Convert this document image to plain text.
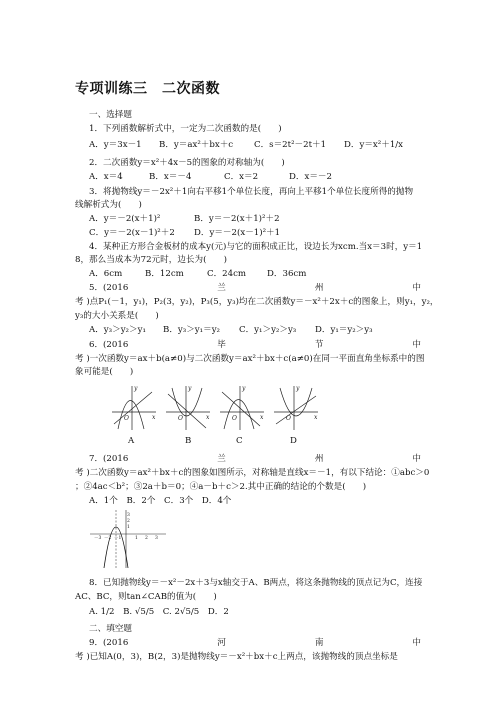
专项训练三　二次函数
一、选择题
1．下列函数解析式中，一定为二次函数的是(　　)
A．y＝3x－1 B．y＝ax²＋bx＋c C．s＝2t²－2t＋1 D．y＝x²＋1/x
2．二次函数y＝x²＋4x－5的图象的对称轴为(　　)
A．x＝4	B．x＝－4	C．x＝2	D．x＝－2
3．将抛物线y＝－2x²＋1向右平移1个单位长度，再向上平移1个单位长度所得的抛物
线解析式为(　　)
A．y＝－2(x＋1)²	B．y＝－2(x＋1)²＋2
C．y＝－2(x－1)²＋2 D．y＝－2(x－1)²＋1
4．某种正方形合金板材的成本y(元)与它的面积成正比，设边长为xcm.当x＝3时，y＝1
8，那么当成本为72元时，边长为(　　)
A．6cm	B．12cm	C．24cm D．36cm
5．(2016	兰	州	中
考 )点P₁(－1，y₁)，P₂(3，y₂)，P₃(5，y₃)均在二次函数y＝－x²＋2x＋c的图象上，则y₁，y₂，
y₃的大小关系是(　　)
A．y₃＞y₂＞y₁ B．y₃＞y₁＝y₂ C．y₁＞y₂＞y₃ D．y₁＝y₂＞y₃
6．(2016	毕	节	中
考 )一次函数y＝ax＋b(a≠0)与二次函数y＝ax²＋bx＋c(a≠0)在同一平面直角坐标系中的图
象可能是(　　)
x
y
O	x
y
O	x
y
O	x
y
O
A	B	C	D
7．(2016	兰	州	中
考 )二次函数y＝ax²＋bx＋c的图象如图所示，对称轴是直线x＝－1，有以下结论：①abc＞0
；②4ac＜b²；③2a＋b＝0；④a－b＋c＞2.其中正确的结论的个数是(　　)
A．1个　B．2个　C．3个　D．4个
－3 －2 －1	1 2 3
3
2
1
8．已知抛物线y＝－x²－2x＋3与x轴交于A、B两点，将这条抛物线的顶点记为C，连接
AC、BC，则tan∠CAB的值为(　　)
A. 1/2　B. √5/5　C. 2√5/5　D．2
二、填空题
9．(2016	河	南	中
考 )已知A(0，3)，B(2，3)是抛物线y＝－x²＋bx＋c上两点，该抛物线的顶点坐标是
